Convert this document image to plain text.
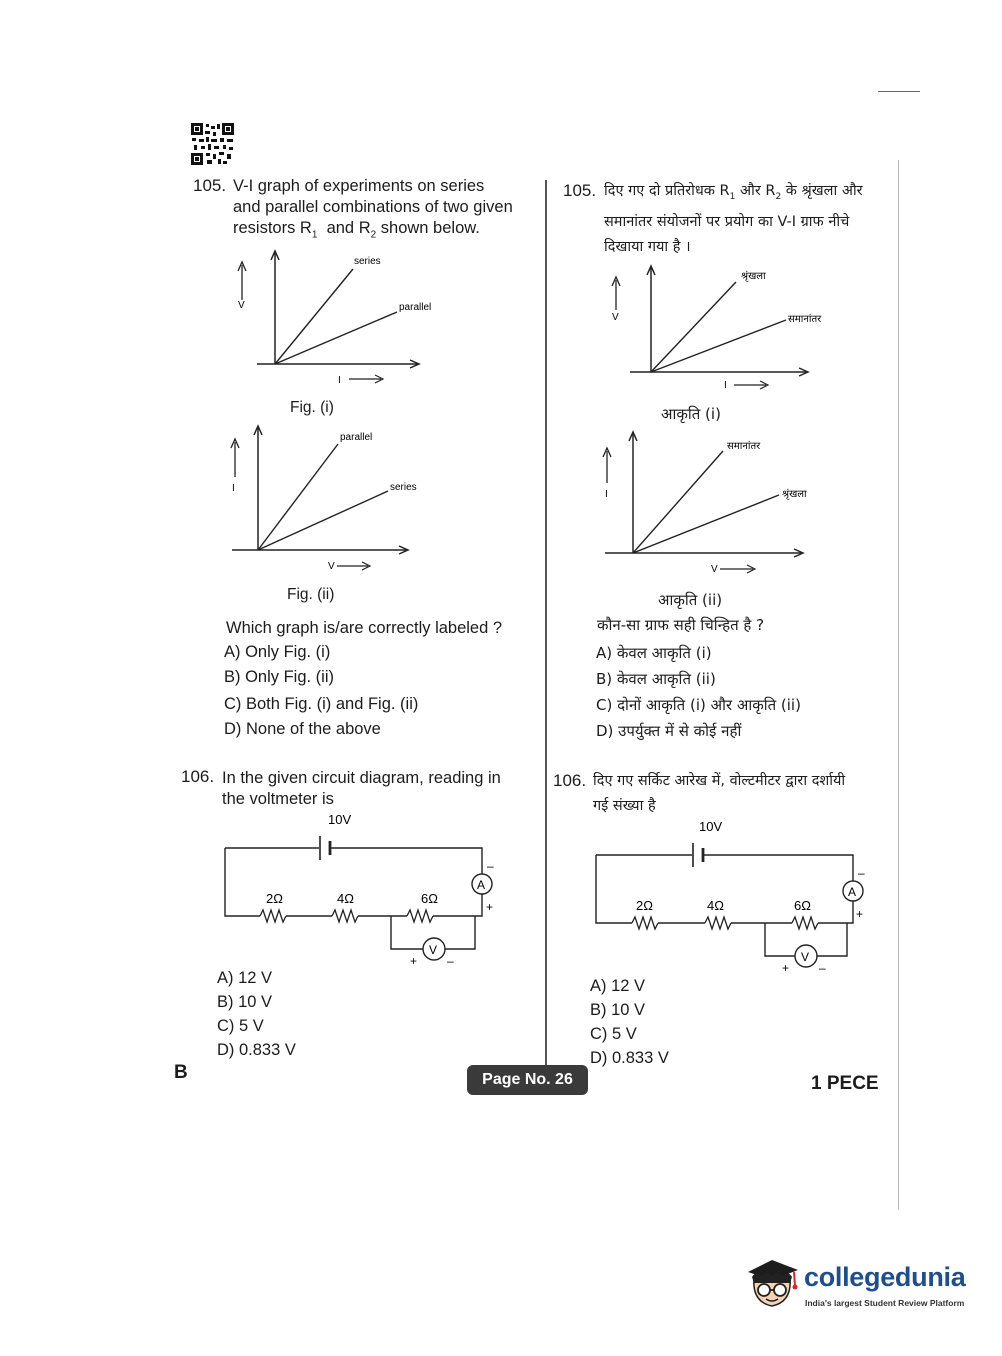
105. V-I graph of experiments on series
and parallel combinations of two given
resistors $R_1$ and $R_2$ shown below.
V
series
parallel
I
Fig. (i)
I
parallel
series
V
Fig. (ii)
Which graph is/are correctly labeled ?
A) Only Fig. (i)
B) Only Fig. (ii)
C) Both Fig. (i) and Fig. (ii)
D) None of the above
106. In the given circuit diagram, reading in
the voltmeter is
10V
–
A
+
2Ω	4Ω	6Ω
V
+ –
A) 12 V
B) 10 V
C) 5 V
D) 0.833 V
105. दिए गए दो प्रतिरोधक $R_1$ और $R_2$ के श्रृंखला और
समानांतर संयोजनों पर प्रयोग का V-I ग्राफ नीचे
दिखाया गया है ।
V
श्रृंखला
समानांतर
I
आकृति (i)
I
समानांतर
श्रृंखला
V
आकृति (ii)
कौन-सा ग्राफ सही चिन्हित है ?
A) केवल आकृति (i)
B) केवल आकृति (ii)
C) दोनों आकृति (i) और आकृति (ii)
D) उपर्युक्त में से कोई नहीं
106. दिए गए सर्किट आरेख में, वोल्टमीटर द्वारा दर्शायी
गई संख्या है
10V
–
A
+
2Ω	4Ω	6Ω
V
+ –
A) 12 V
B) 10 V
C) 5 V
D) 0.833 V
B	Page No. 26	1 PECE
collegedunia
India's largest Student Review Platform
